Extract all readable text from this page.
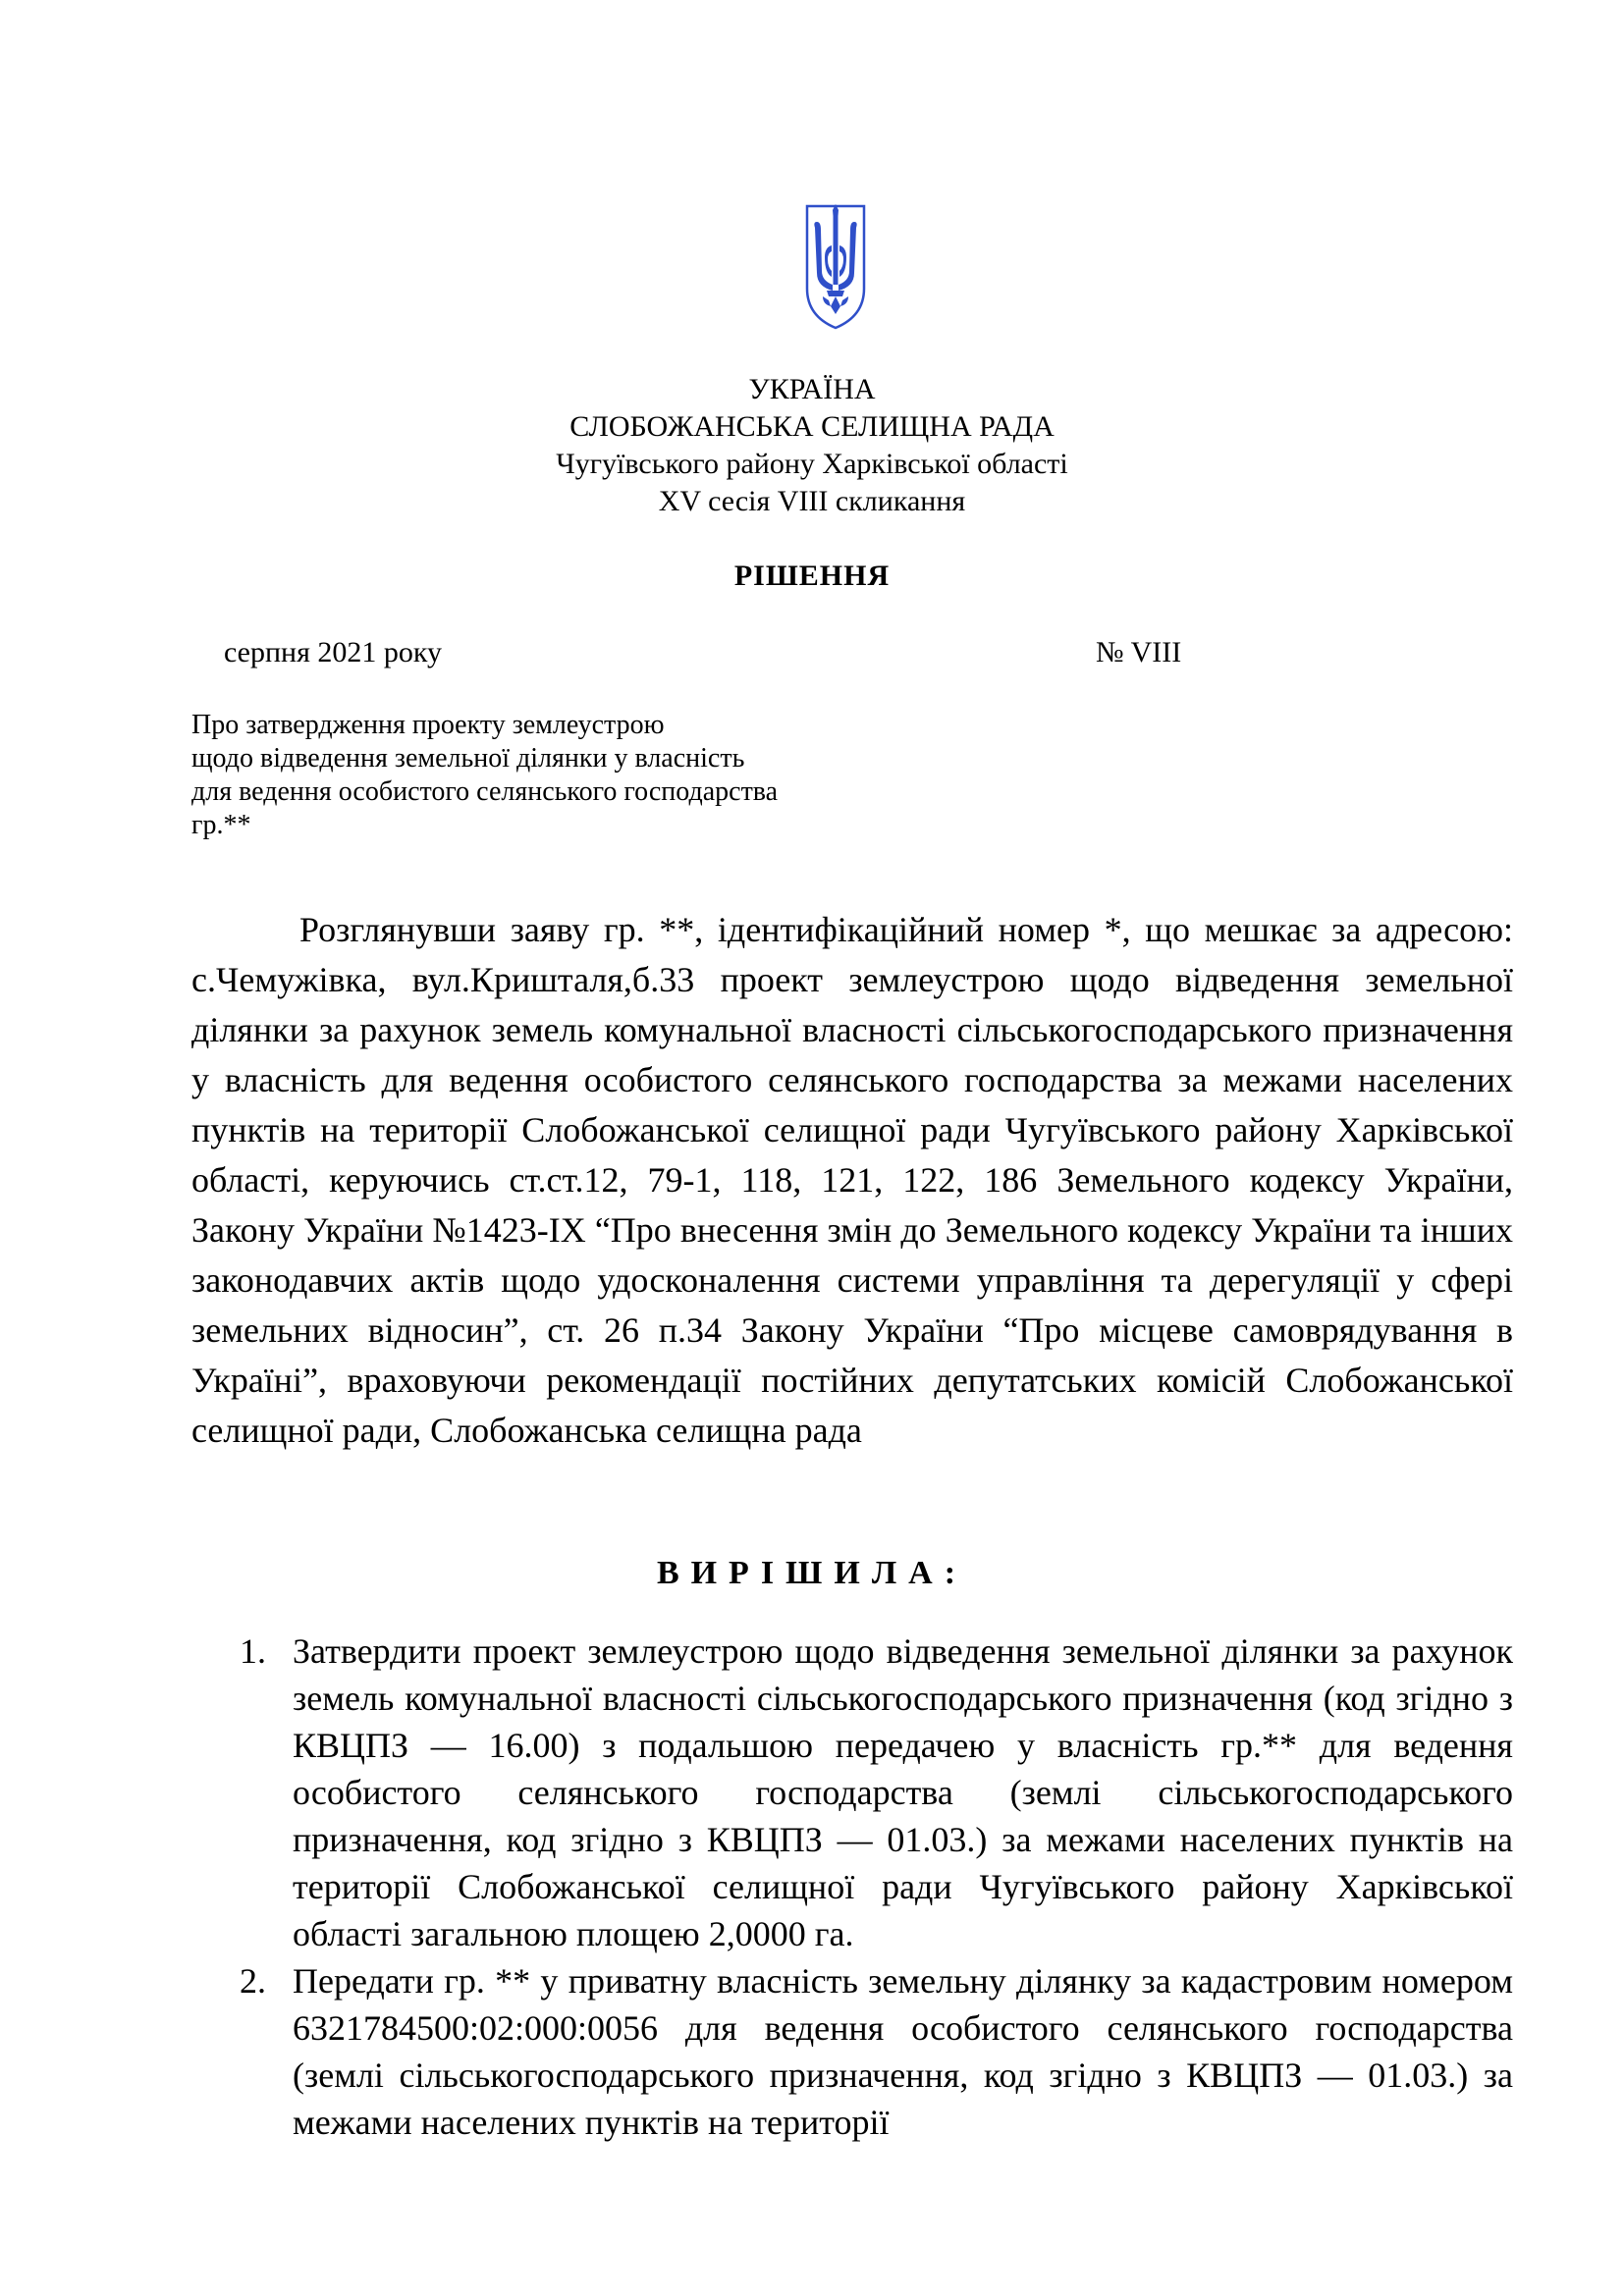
УКРАЇНА
СЛОБОЖАНСЬКА СЕЛИЩНА РАДА
Чугуївського району Харківської області
XV сесія VIII скликання
РІШЕННЯ
серпня 2021 року	№ VIII
Про затвердження проекту землеустрою
щодо відведення земельної ділянки у власність
для ведення особистого селянського господарства
гр.**
Розглянувши заяву гр. **, ідентифікаційний номер *, що мешкає за адресою: с.Чемужівка, вул.Кришталя,б.33 проект землеустрою щодо відведення земельної ділянки за рахунок земель комунальної власності сільськогосподарського призначення у власність для ведення особистого селянського господарства за межами населених пунктів на території Слобожанської селищної ради Чугуївського району Харківської області, керуючись ст.ст.12, 79-1, 118, 121, 122, 186 Земельного кодексу України, Закону України №1423-IX “Про внесення змін до Земельного кодексу України та інших законодавчих актів щодо удосконалення системи управління та дерегуляції у сфері земельних відносин”, ст. 26 п.34 Закону України “Про місцеве самоврядування в Україні”, враховуючи рекомендації постійних депутатських комісій Слобожанської селищної ради, Слобожанська селищна рада
ВИРІШИЛА:
1. Затвердити проект землеустрою щодо відведення земельної ділянки за рахунок земель комунальної власності сільськогосподарського призначення (код згідно з КВЦПЗ — 16.00) з подальшою передачею у власність гр.** для ведення особистого селянського господарства (землі сільськогосподарського призначення, код згідно з КВЦПЗ — 01.03.) за межами населених пунктів на території Слобожанської селищної ради Чугуївського району Харківської області загальною площею 2,0000 га.
2. Передати гр. ** у приватну власність земельну ділянку за кадастровим номером 6321784500:02:000:0056 для ведення особистого селянського господарства (землі сільськогосподарського призначення, код згідно з КВЦПЗ — 01.03.) за межами населених пунктів на території
